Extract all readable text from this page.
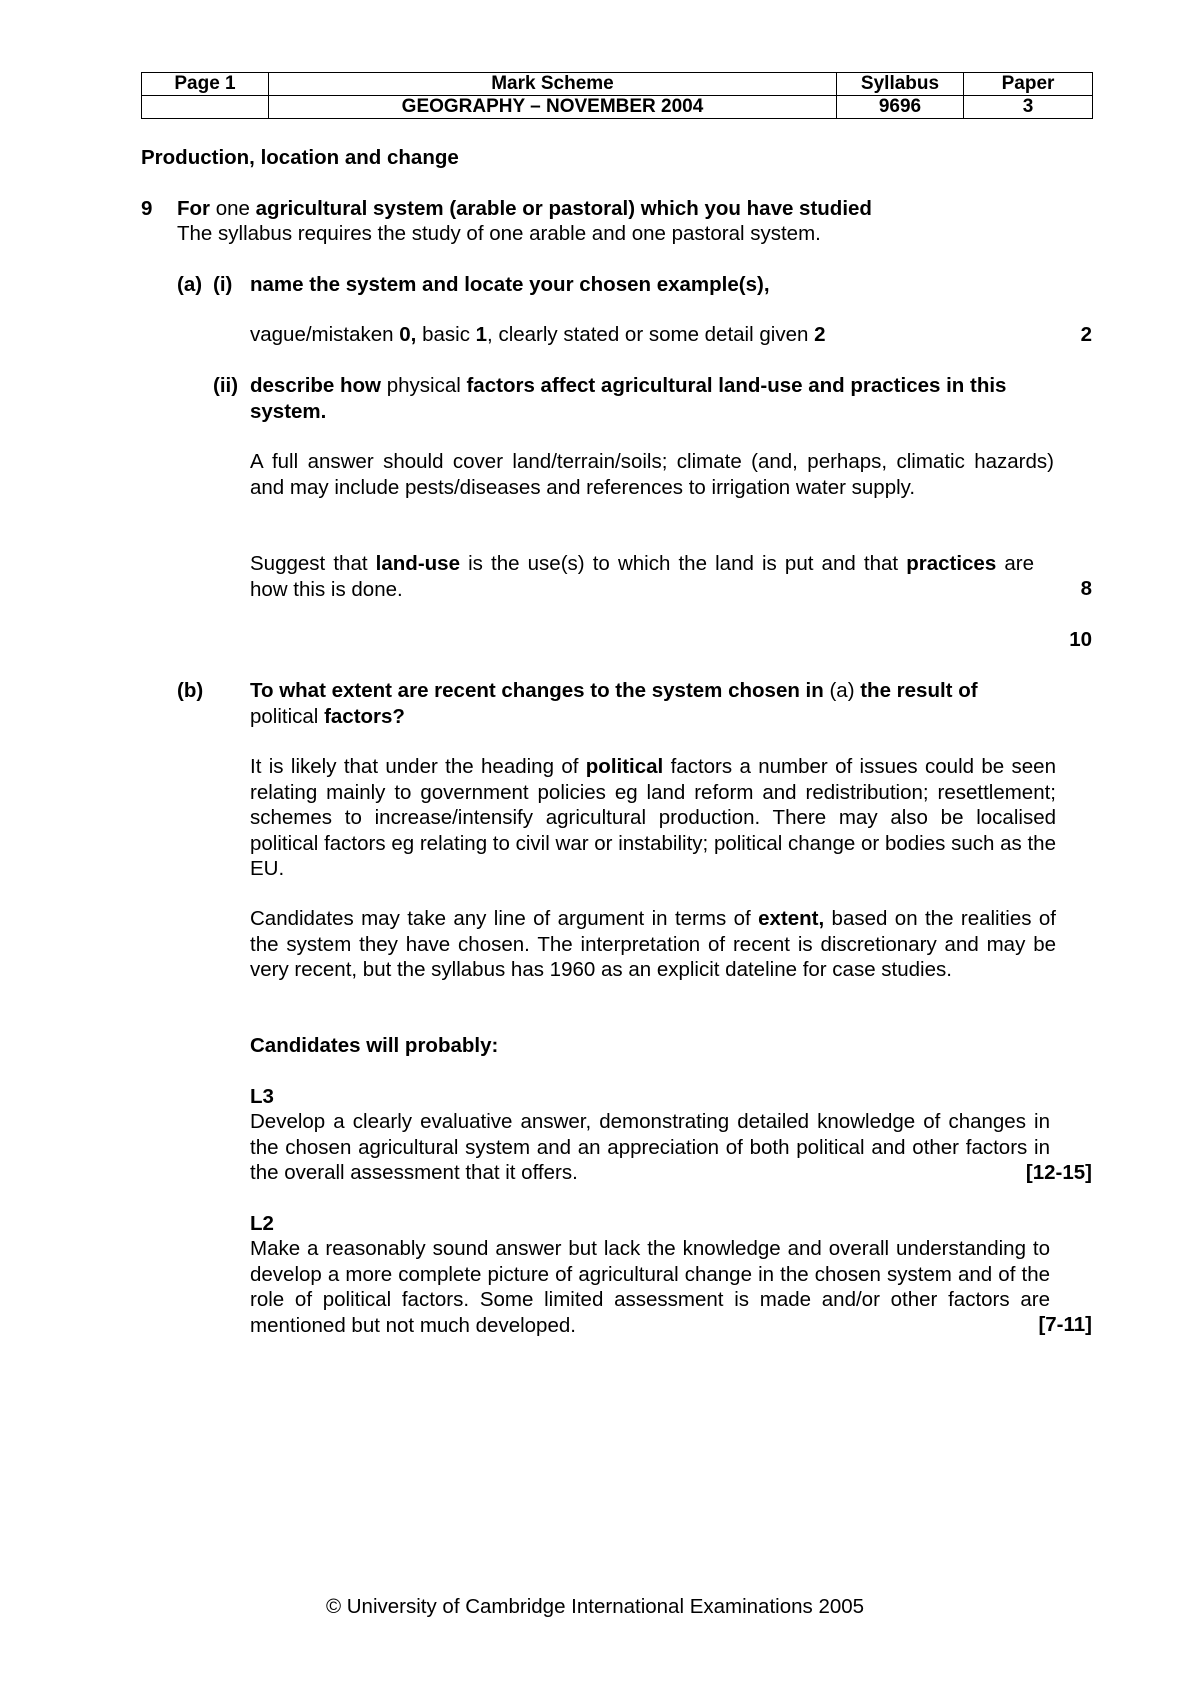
Page 1	Mark Scheme	Syllabus	Paper
	GEOGRAPHY – NOVEMBER 2004	9696	3
Production, location and change
9 For one agricultural system (arable or pastoral) which you have studied
The syllabus requires the study of one arable and one pastoral system.
(a) (i) name the system and locate your chosen example(s),
vague/mistaken 0, basic 1, clearly stated or some detail given 2	2
(ii) describe how physical factors affect agricultural land-use and practices in this system.
A full answer should cover land/terrain/soils; climate (and, perhaps, climatic hazards) and may include pests/diseases and references to irrigation water supply.
Suggest that land-use is the use(s) to which the land is put and that practices are how this is done.	8
10
(b) To what extent are recent changes to the system chosen in (a) the result of political factors?
It is likely that under the heading of political factors a number of issues could be seen relating mainly to government policies eg land reform and redistribution; resettlement; schemes to increase/intensify agricultural production. There may also be localised political factors eg relating to civil war or instability; political change or bodies such as the EU.
Candidates may take any line of argument in terms of extent, based on the realities of the system they have chosen. The interpretation of recent is discretionary and may be very recent, but the syllabus has 1960 as an explicit dateline for case studies.
Candidates will probably:
L3
Develop a clearly evaluative answer, demonstrating detailed knowledge of changes in the chosen agricultural system and an appreciation of both political and other factors in the overall assessment that it offers.	[12-15]
L2
Make a reasonably sound answer but lack the knowledge and overall understanding to develop a more complete picture of agricultural change in the chosen system and of the role of political factors. Some limited assessment is made and/or other factors are mentioned but not much developed.	[7-11]
© University of Cambridge International Examinations 2005
